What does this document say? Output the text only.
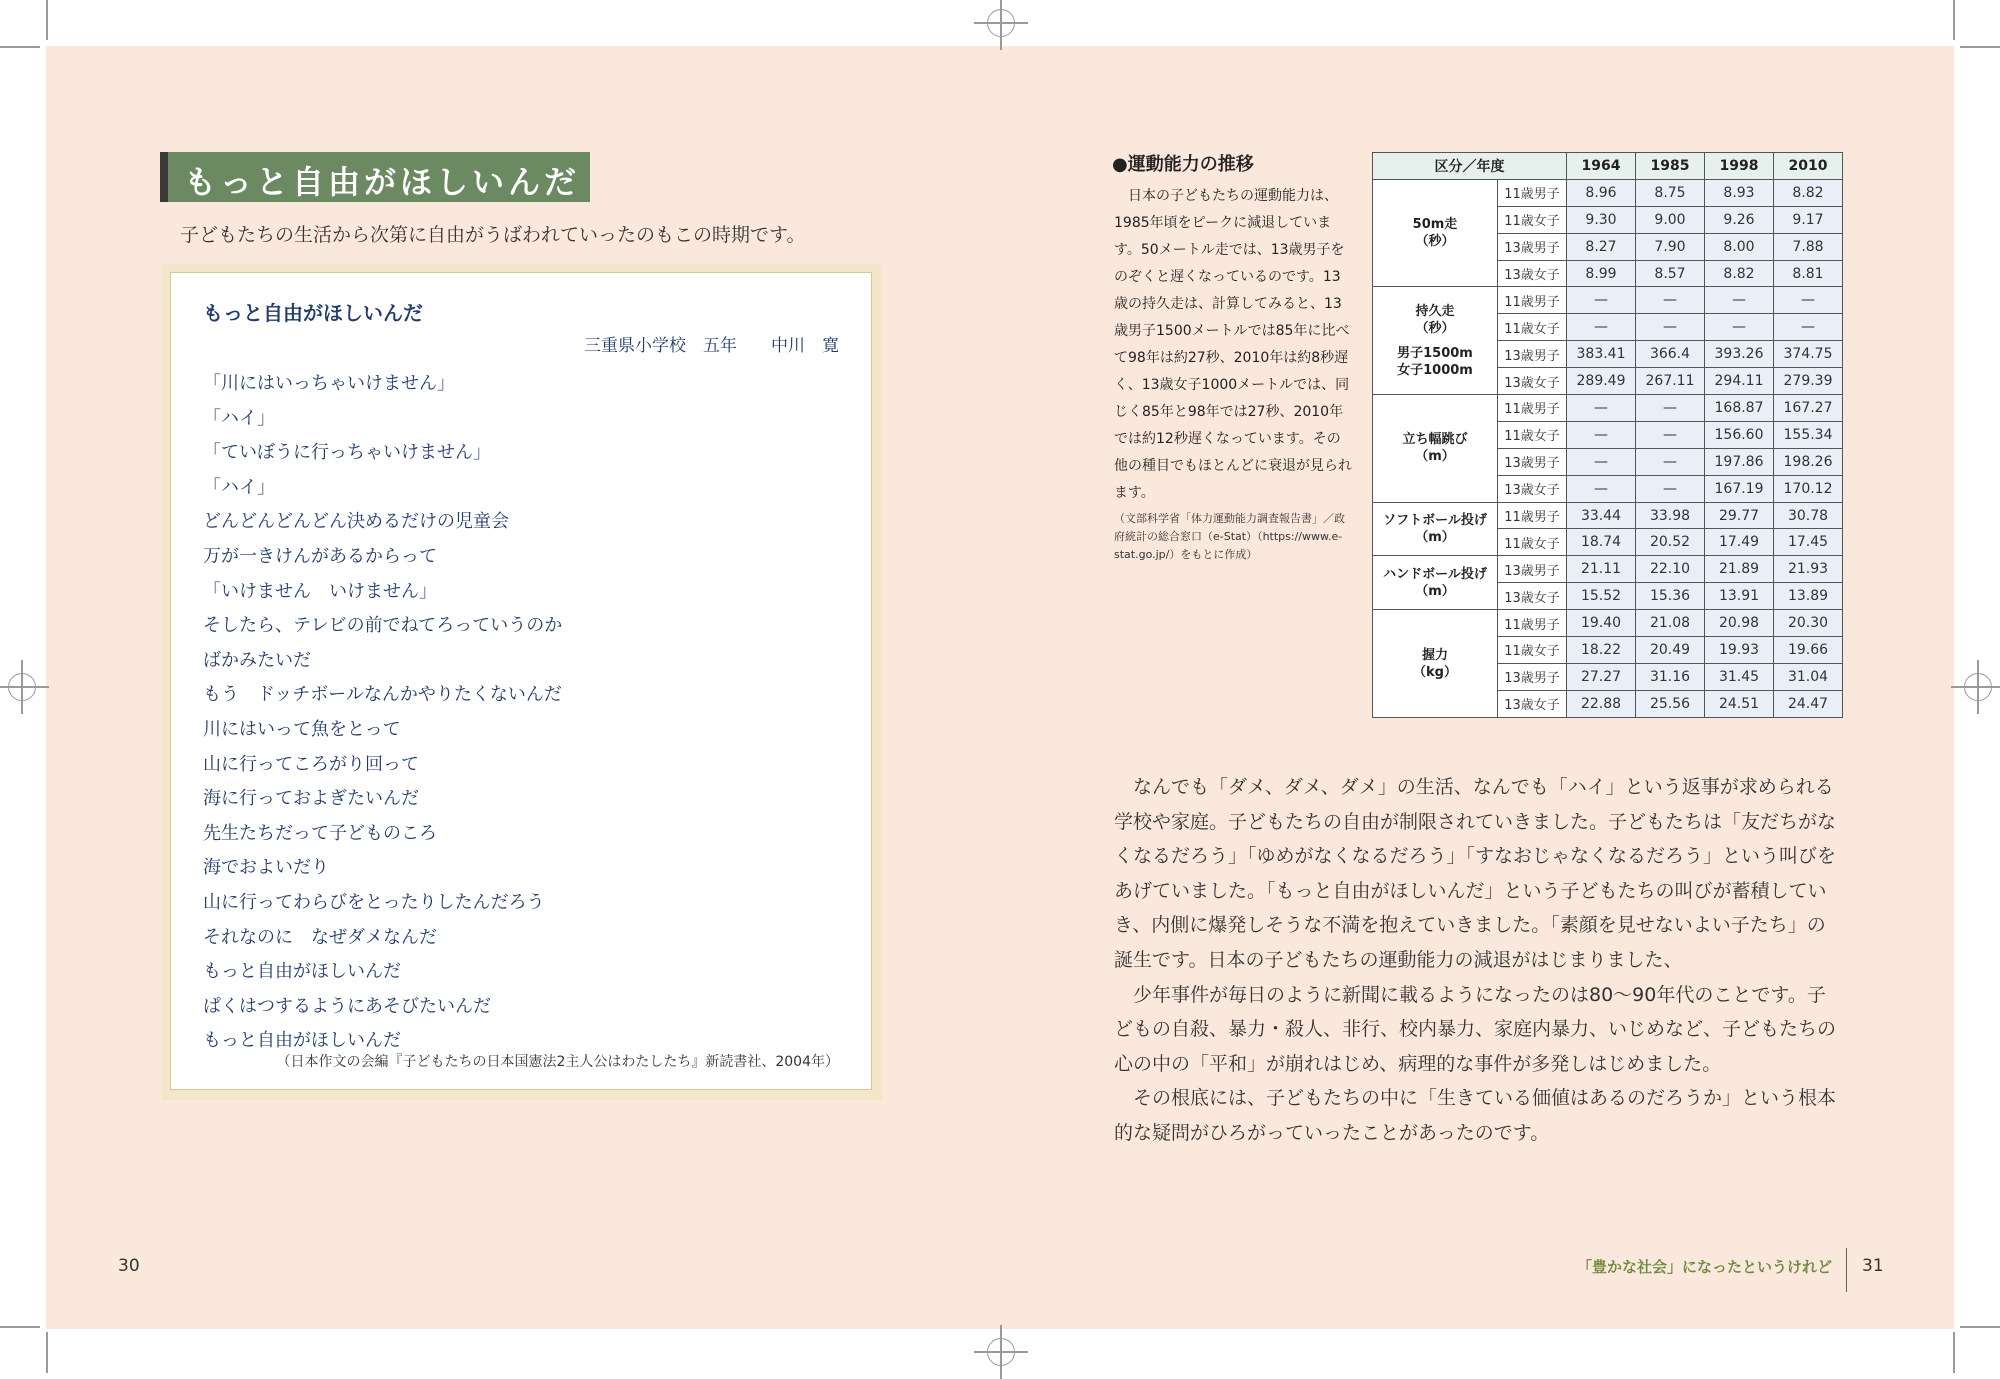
もっと自由がほしいんだ
子どもたちの生活から次第に自由がうばわれていったのもこの時期です。
もっと自由がほしいんだ
三重県小学校　五年　　中川　寛
「川にはいっちゃいけません」
「ハイ」
「ていぼうに行っちゃいけません」
「ハイ」
どんどんどんどん決めるだけの児童会
万が一きけんがあるからって
「いけません　いけません」
そしたら、テレビの前でねてろっていうのか
ばかみたいだ
もう　ドッチボールなんかやりたくないんだ
川にはいって魚をとって
山に行ってころがり回って
海に行っておよぎたいんだ
先生たちだって子どものころ
海でおよいだり
山に行ってわらびをとったりしたんだろう
それなのに　なぜダメなんだ
もっと自由がほしいんだ
ぱくはつするようにあそびたいんだ
もっと自由がほしいんだ
（日本作文の会編『子どもたちの日本国憲法2主人公はわたしたち』新読書社、2004年）
30
●運動能力の推移

日本の子どもたちの運動能力は、1985年頃をピークに減退しています。50メートル走では、13歳男子をのぞくと遅くなっているのです。13歳の持久走は、計算してみると、13歳男子1500メートルでは85年に比べて98年は約27秒、2010年は約8秒遅く、13歳女子1000メートルでは、同じく85年と98年では27秒、2010年では約12秒遅くなっています。その他の種目でもほとんどに衰退が見られます。

（文部科学省「体力運動能力調査報告書」／政府統計の総合窓口（e-Stat）（https://www.e-stat.go.jp/）をもとに作成）
区分／年度		1964	1985	1998	2010

50m走
（秒）	11歳男子	8.96	8.75	8.93	8.82
	11歳女子	9.30	9.00	9.26	9.17
	13歳男子	8.27	7.90	8.00	7.88
	13歳女子	8.99	8.57	8.82	8.81

持久走
（秒）
男子1500m
女子1000m	11歳男子	—	—	—	—
	11歳女子	—	—	—	—
	13歳男子	383.41	366.4	393.26	374.75
	13歳女子	289.49	267.11	294.11	279.39

立ち幅跳び
（m）	11歳男子	—	—	168.87	167.27
	11歳女子	—	—	156.60	155.34
	13歳男子	—	—	197.86	198.26
	13歳女子	—	—	167.19	170.12

ソフトボール投げ
（m）	11歳男子	33.44	33.98	29.77	30.78
	11歳女子	18.74	20.52	17.49	17.45

ハンドボール投げ
（m）	13歳男子	21.11	22.10	21.89	21.93
	13歳女子	15.52	15.36	13.91	13.89

握力
（kg）	11歳男子	19.40	21.08	20.98	20.30
	11歳女子	18.22	20.49	19.93	19.66
	13歳男子	27.27	31.16	31.45	31.04
	13歳女子	22.88	25.56	24.51	24.47

なんでも「ダメ、ダメ、ダメ」の生活、なんでも「ハイ」という返事が求められる学校や家庭。子どもたちの自由が制限されていきました。子どもたちは「友だちがなくなるだろう」「ゆめがなくなるだろう」「すなおじゃなくなるだろう」という叫びをあげていました。「もっと自由がほしいんだ」という子どもたちの叫びが蓄積していき、内側に爆発しそうな不満を抱えていきました。「素顔を見せないよい子たち」の誕生です。日本の子どもたちの運動能力の減退がはじまりました、

少年事件が毎日のように新聞に載るようになったのは80～90年代のことです。子どもの自殺、暴力・殺人、非行、校内暴力、家庭内暴力、いじめなど、子どもたちの心の中の「平和」が崩れはじめ、病理的な事件が多発しはじめました。

その根底には、子どもたちの中に「生きている価値はあるのだろうか」という根本的な疑問がひろがっていったことがあったのです。

「豊かな社会」になったというけれど 31
